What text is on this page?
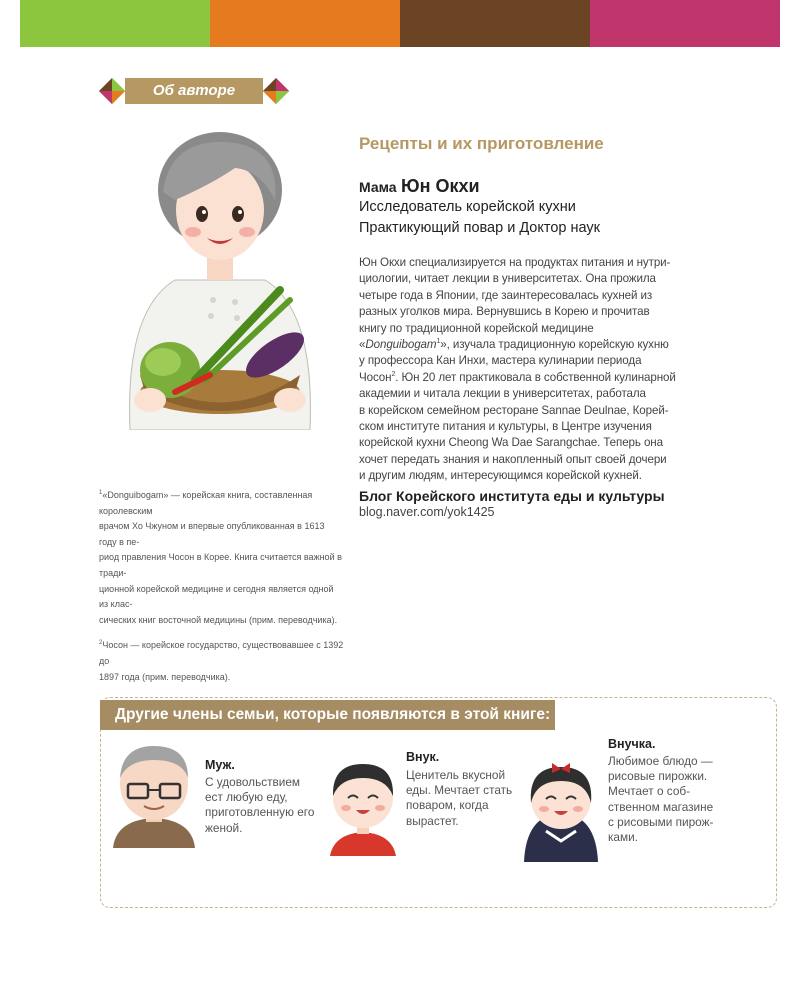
Об авторе
Рецепты и их приготовление
Мама Юн Окхи
Исследователь корейской кухни
Практикующий повар и Доктор наук
Юн Окхи специализируется на продуктах питания и нутри-
циологии, читает лекции в университетах. Она прожила
четыре года в Японии, где заинтересовалась кухней из
разных уголков мира. Вернувшись в Корею и прочитав
книгу по традиционной корейской медицине
«Donguibogam$^1$», изучала традиционную корейскую кухню
у профессора Кан Инхи, мастера кулинарии периода
Чосон$^2$. Юн 20 лет практиковала в собственной кулинарной
академии и читала лекции в университетах, работала
в корейском семейном ресторане Sannae Deulnae, Корей-
ском институте питания и культуры, в Центре изучения
корейской кухни Cheong Wa Dae Sarangchae. Теперь она
хочет передать знания и накопленный опыт своей дочери
и другим людям, интересующимся корейской кухней.
Блог Корейского института еды и культуры
blog.naver.com/yok1425

$^1$«Donguibogam» — корейская книга, составленная королевским
врачом Хо Чжуном и впервые опубликованная в 1613 году в пе-
риод правления Чосон в Корее. Книга считается важной в тради-
ционной корейской медицине и сегодня является одной из клас-
сических книг восточной медицины (прим. переводчика).

$^2$Чосон — корейское государство, существовавшее с 1392 до
1897 года (прим. переводчика).

Другие члены семьи, которые появляются в этой книге:
Муж.
С удовольствием
ест любую еду,
приготовленную его
женой.
Внук.
Ценитель вкусной
еды. Мечтает стать
поваром, когда
вырастет.
Внучка.
Любимое блюдо —
рисовые пирожки.
Мечтает о соб-
ственном магазине
с рисовыми пирож-
ками.
